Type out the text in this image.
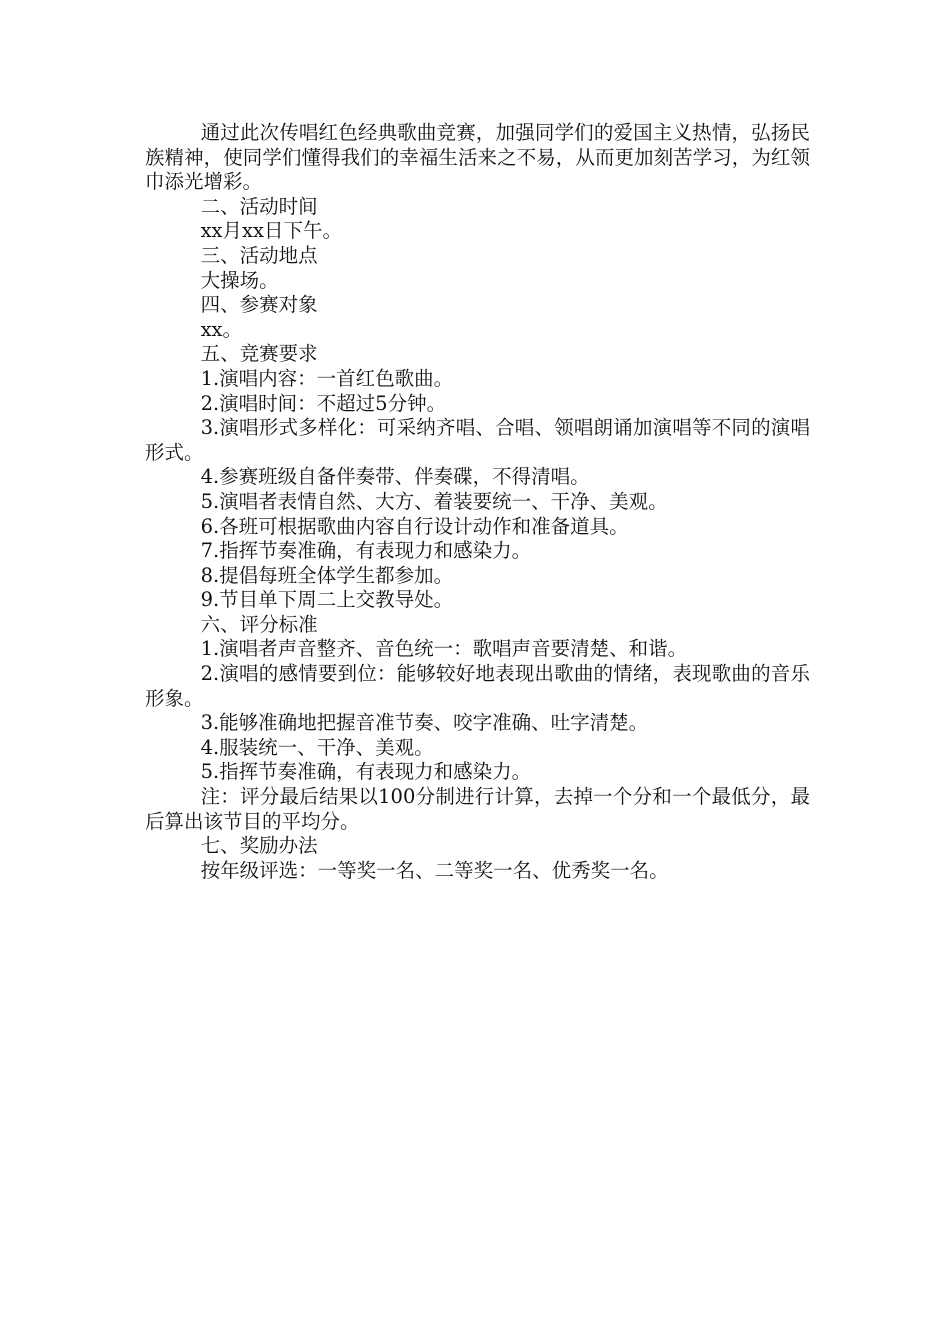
通过此次传唱红色经典歌曲竞赛，加强同学们的爱国主义热情，弘扬民族精神，使同学们懂得我们的幸福生活来之不易，从而更加刻苦学习，为红领巾添光增彩。

二、活动时间

xx月xx日下午。

三、活动地点

大操场。

四、参赛对象

xx。

五、竞赛要求

1.演唱内容：一首红色歌曲。

2.演唱时间：不超过5分钟。

3.演唱形式多样化：可采纳齐唱、合唱、领唱朗诵加演唱等不同的演唱形式。

4.参赛班级自备伴奏带、伴奏碟，不得清唱。

5.演唱者表情自然、大方、着装要统一、干净、美观。

6.各班可根据歌曲内容自行设计动作和准备道具。

7.指挥节奏准确，有表现力和感染力。

8.提倡每班全体学生都参加。

9.节目单下周二上交教导处。

六、评分标准

1.演唱者声音整齐、音色统一：歌唱声音要清楚、和谐。

2.演唱的感情要到位：能够较好地表现出歌曲的情绪，表现歌曲的音乐形象。

3.能够准确地把握音准节奏、咬字准确、吐字清楚。

4.服装统一、干净、美观。

5.指挥节奏准确，有表现力和感染力。

注：评分最后结果以100分制进行计算，去掉一个分和一个最低分，最后算出该节目的平均分。

七、奖励办法

按年级评选：一等奖一名、二等奖一名、优秀奖一名。
